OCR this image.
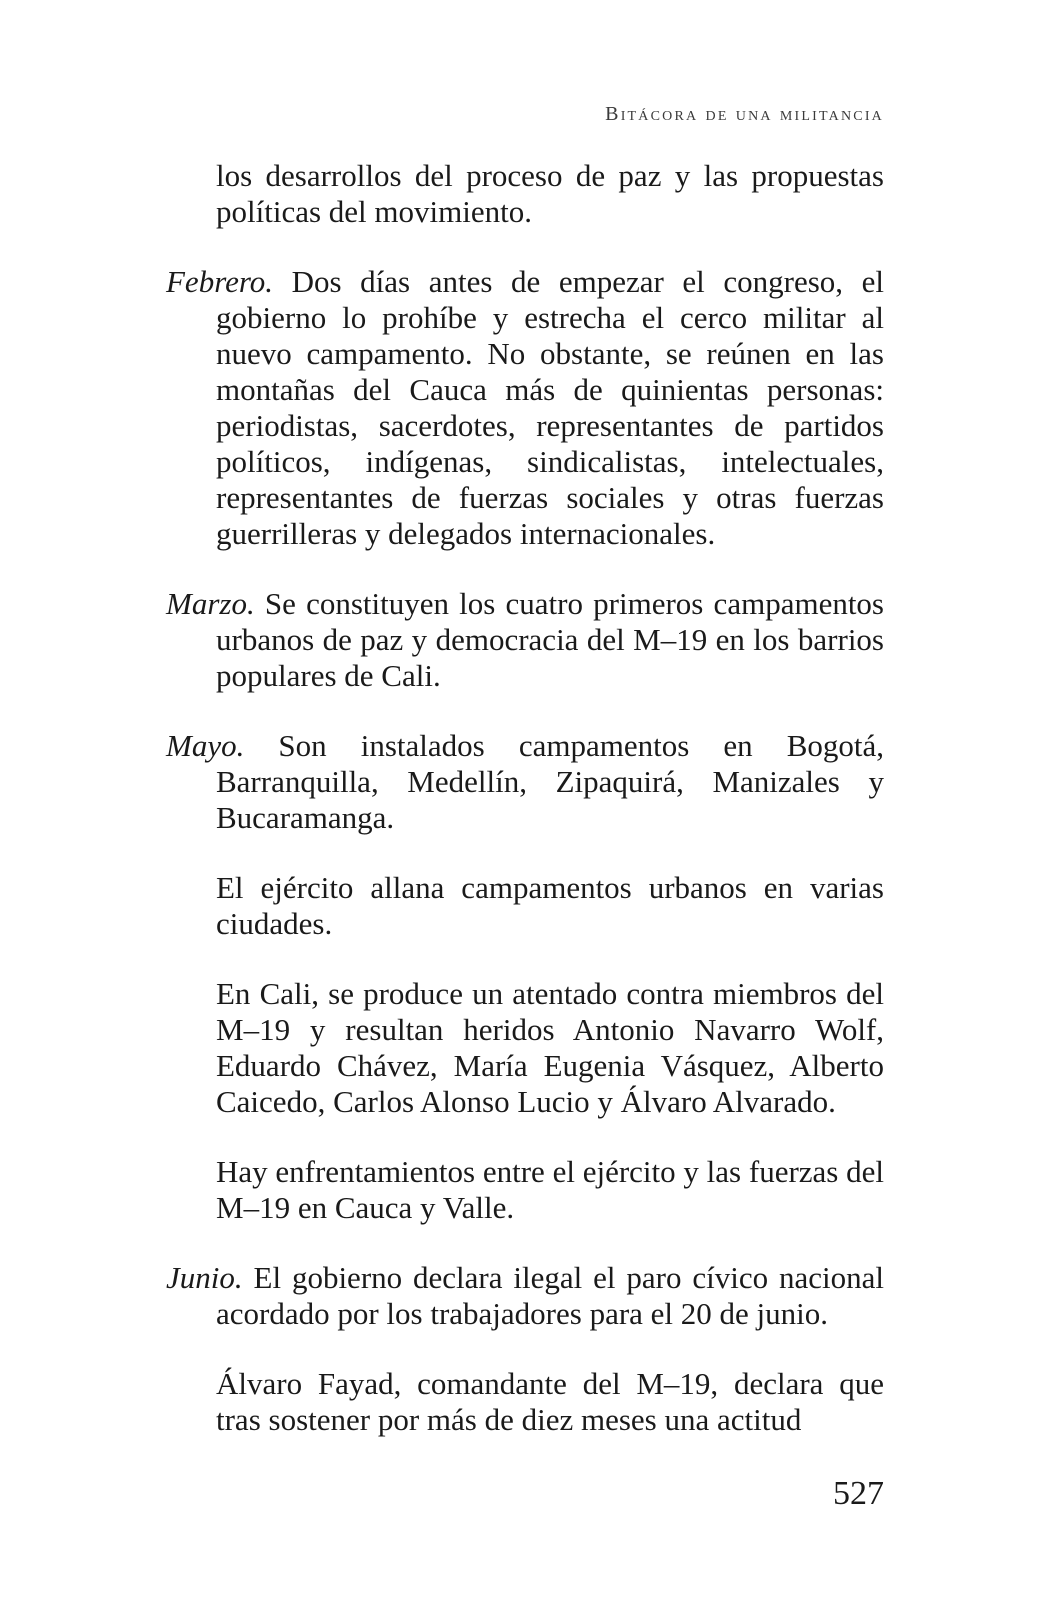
Bitácora de una militancia

los desarrollos del proceso de paz y las propuestas políticas del movimiento.

Febrero. Dos días antes de empezar el congreso, el gobierno lo prohíbe y estrecha el cerco militar al nuevo campamento. No obstante, se reúnen en las montañas del Cauca más de quinientas personas: periodistas, sacerdotes, representantes de partidos políticos, indígenas, sindicalistas, intelectuales, representantes de fuerzas sociales y otras fuerzas guerrilleras y delegados internacionales.

Marzo. Se constituyen los cuatro primeros campamentos urbanos de paz y democracia del M–19 en los barrios populares de Cali.

Mayo. Son instalados campamentos en Bogotá, Barranquilla, Medellín, Zipaquirá, Manizales y Bucaramanga.

El ejército allana campamentos urbanos en varias ciudades.

En Cali, se produce un atentado contra miembros del M–19 y resultan heridos Antonio Navarro Wolf, Eduardo Chávez, María Eugenia Vásquez, Alberto Caicedo, Carlos Alonso Lucio y Álvaro Alvarado.

Hay enfrentamientos entre el ejército y las fuerzas del M–19 en Cauca y Valle.

Junio. El gobierno declara ilegal el paro cívico nacional acordado por los trabajadores para el 20 de junio.

Álvaro Fayad, comandante del M–19, declara que tras sostener por más de diez meses una actitud

527
